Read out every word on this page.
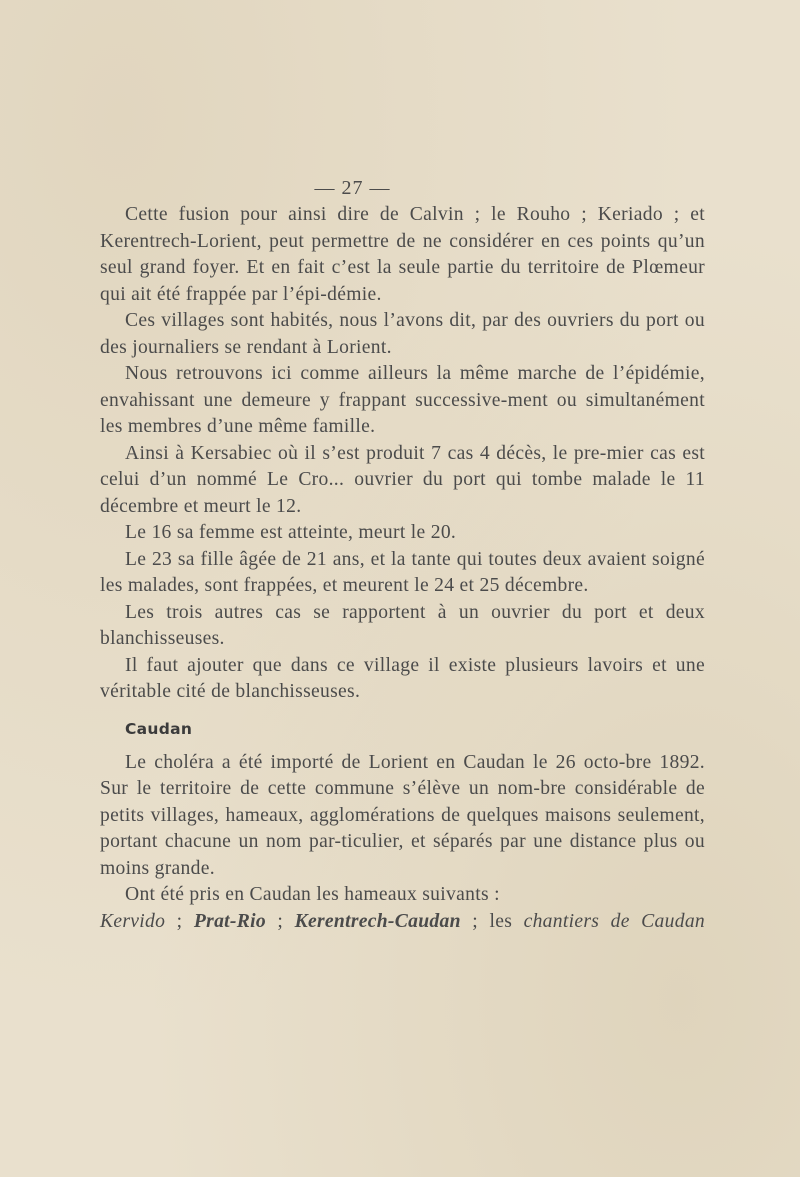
— 27 —

Cette fusion pour ainsi dire de Calvin ; le Rouho ; Keriado ; et Kerentrech-Lorient, peut permettre de ne considérer en ces points qu’un seul grand foyer. Et en fait c’est la seule partie du territoire de Plœmeur qui ait été frappée par l’épi-démie.

Ces villages sont habités, nous l’avons dit, par des ouvriers du port ou des journaliers se rendant à Lorient.

Nous retrouvons ici comme ailleurs la même marche de l’épidémie, envahissant une demeure y frappant successive-ment ou simultanément les membres d’une même famille.

Ainsi à Kersabiec où il s’est produit 7 cas 4 décès, le pre-mier cas est celui d’un nommé Le Cro... ouvrier du port qui tombe malade le 11 décembre et meurt le 12.

Le 16 sa femme est atteinte, meurt le 20.

Le 23 sa fille âgée de 21 ans, et la tante qui toutes deux avaient soigné les malades, sont frappées, et meurent le 24 et 25 décembre.

Les trois autres cas se rapportent à un ouvrier du port et deux blanchisseuses.

Il faut ajouter que dans ce village il existe plusieurs lavoirs et une véritable cité de blanchisseuses.

Caudan

Le choléra a été importé de Lorient en Caudan le 26 octo-bre 1892. Sur le territoire de cette commune s’élève un nom-bre considérable de petits villages, hameaux, agglomérations de quelques maisons seulement, portant chacune un nom par-ticulier, et séparés par une distance plus ou moins grande.

Ont été pris en Caudan les hameaux suivants :

Kervido ; Prat-Rio ; Kerentrech-Caudan ; les chantiers de Caudan
